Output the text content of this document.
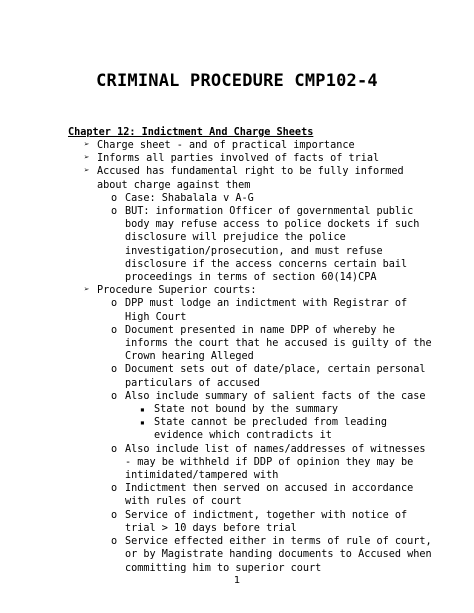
CRIMINAL PROCEDURE CMP102-4
Chapter 12: Indictment And Charge Sheets
➢ Charge sheet - and of practical importance
➢ Informs all parties involved of facts of trial
➢ Accused has fundamental right to be fully informed
about charge against them
o Case: Shabalala v A-G
o BUT: information Officer of governmental public
body may refuse access to police dockets if such
disclosure will prejudice the police
investigation/prosecution, and must refuse
disclosure if the access concerns certain bail
proceedings in terms of section 60(14)CPA
➢ Procedure Superior courts:
o DPP must lodge an indictment with Registrar of
High Court
o Document presented in name DPP of whereby he
informs the court that he accused is guilty of the
Crown hearing Alleged
o Document sets out of date/place, certain personal
particulars of accused
o Also include summary of salient facts of the case
▪ State not bound by the summary
▪ State cannot be precluded from leading
evidence which contradicts it
o Also include list of names/addresses of witnesses
- may be withheld if DDP of opinion they may be
intimidated/tampered with
o Indictment then served on accused in accordance
with rules of court
o Service of indictment, together with notice of
trial > 10 days before trial
o Service effected either in terms of rule of court,
or by Magistrate handing documents to Accused when
committing him to superior court
1
